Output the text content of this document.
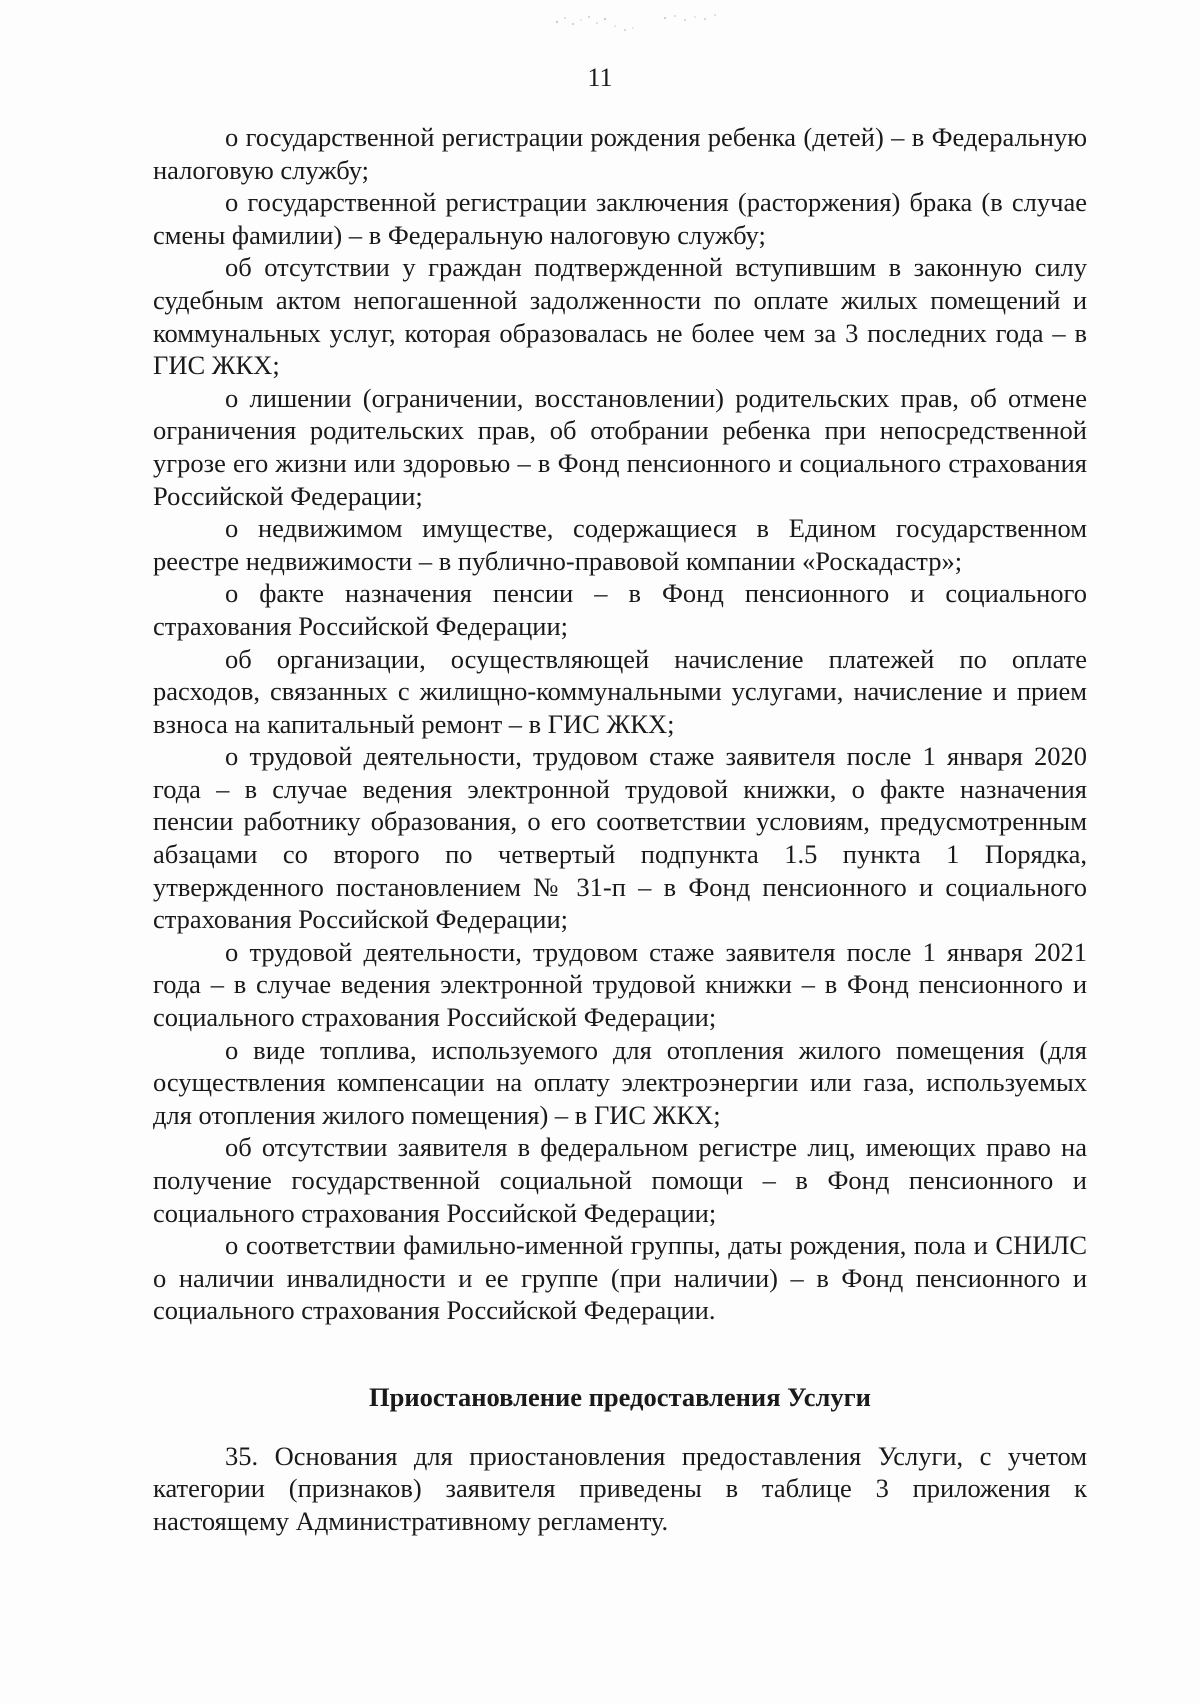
11

о государственной регистрации рождения ребенка (детей) – в Федеральную налоговую службу;

о государственной регистрации заключения (расторжения) брака (в случае смены фамилии) – в Федеральную налоговую службу;

об отсутствии у граждан подтвержденной вступившим в законную силу судебным актом непогашенной задолженности по оплате жилых помещений и коммунальных услуг, которая образовалась не более чем за 3 последних года – в ГИС ЖКХ;

о лишении (ограничении, восстановлении) родительских прав, об отмене ограничения родительских прав, об отобрании ребенка при непосредственной угрозе его жизни или здоровью – в Фонд пенсионного и социального страхования Российской Федерации;

о недвижимом имуществе, содержащиеся в Едином государственном реестре недвижимости – в публично-правовой компании «Роскадастр»;

о факте назначения пенсии – в Фонд пенсионного и социального страхования Российской Федерации;

об организации, осуществляющей начисление платежей по оплате расходов, связанных с жилищно-коммунальными услугами, начисление и прием взноса на капитальный ремонт – в ГИС ЖКХ;

о трудовой деятельности, трудовом стаже заявителя после 1 января 2020 года – в случае ведения электронной трудовой книжки, о факте назначения пенсии работнику образования, о его соответствии условиям, предусмотренным абзацами со второго по четвертый подпункта 1.5 пункта 1 Порядка, утвержденного постановлением № 31-п – в Фонд пенсионного и социального страхования Российской Федерации;

о трудовой деятельности, трудовом стаже заявителя после 1 января 2021 года – в случае ведения электронной трудовой книжки – в Фонд пенсионного и социального страхования Российской Федерации;

о виде топлива, используемого для отопления жилого помещения (для осуществления компенсации на оплату электроэнергии или газа, используемых для отопления жилого помещения) – в ГИС ЖКХ;

об отсутствии заявителя в федеральном регистре лиц, имеющих право на получение государственной социальной помощи – в Фонд пенсионного и социального страхования Российской Федерации;

о соответствии фамильно-именной группы, даты рождения, пола и СНИЛС о наличии инвалидности и ее группе (при наличии) – в Фонд пенсионного и социального страхования Российской Федерации.

Приостановление предоставления Услуги

35. Основания для приостановления предоставления Услуги, с учетом категории (признаков) заявителя приведены в таблице 3 приложения к настоящему Административному регламенту.
